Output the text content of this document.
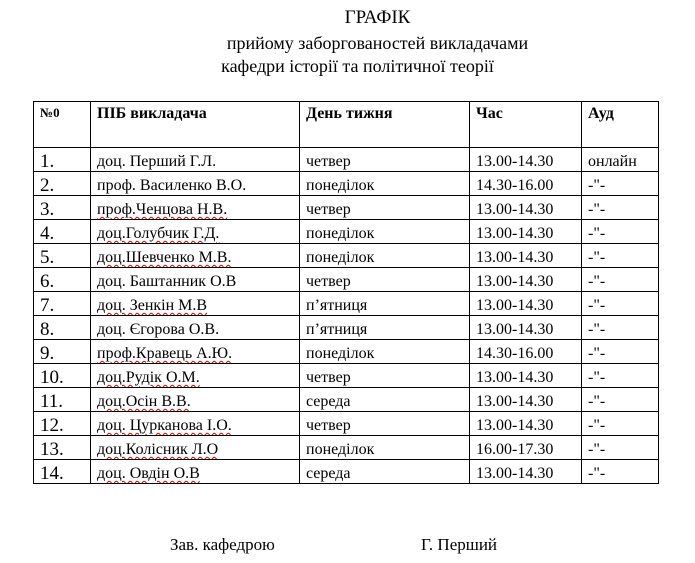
ГРАФІК
прийому заборгованостей викладачами
кафедри історії та політичної теорії
№0	ПІБ викладача	День тижня	Час	Ауд
1.	доц. Перший Г.Л.	четвер	13.00-14.30	онлайн
2.	проф. Василенко В.О.	понеділок	14.30-16.00	-"-
3.	проф.Ченцова Н.В.	четвер	13.00-14.30	-"-
4.	доц.Голубчик Г.Д.	понеділок	13.00-14.30	-"-
5.	доц.Шевченко М.В.	понеділок	13.00-14.30	-"-
6.	доц. Баштанник О.В	четвер	13.00-14.30	-"-
7.	доц. Зенкін М.В	п’ятниця	13.00-14.30	-"-
8.	доц. Єгорова О.В.	п’ятниця	13.00-14.30	-"-
9.	проф.Кравець А.Ю.	понеділок	14.30-16.00	-"-
10.	доц.Рудік О.М.	четвер	13.00-14.30	-"-
11.	доц.Осін В.В.	середа	13.00-14.30	-"-
12.	доц. Цурканова І.О.	четвер	13.00-14.30	-"-
13.	доц.Колісник Л.О	понеділок	16.00-17.30	-"-
14.	доц. Овдін О.В	середа	13.00-14.30	-"-
Зав. кафедрою	Г. Перший
